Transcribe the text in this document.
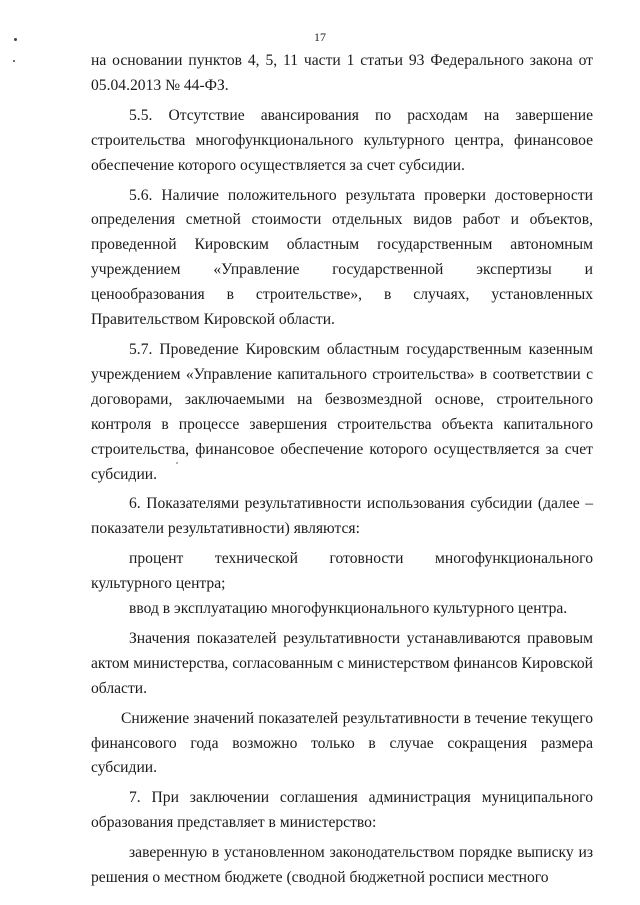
17

на основании пунктов 4, 5, 11 части 1 статьи 93 Федерального закона от 05.04.2013 № 44-ФЗ.

5.5. Отсутствие авансирования по расходам на завершение строительства многофункционального культурного центра, финансовое обеспечение которого осуществляется за счет субсидии.

5.6. Наличие положительного результата проверки достоверности определения сметной стоимости отдельных видов работ и объектов, проведенной Кировским областным государственным автономным учреждением «Управление государственной экспертизы и ценообразования в строительстве», в случаях, установленных Правительством Кировской области.

5.7. Проведение Кировским областным государственным казенным учреждением «Управление капитального строительства» в соответствии с договорами, заключаемыми на безвозмездной основе, строительного контроля в процессе завершения строительства объекта капитального строительства, финансовое обеспечение которого осуществляется за счет субсидии.

6. Показателями результативности использования субсидии (далее – показатели результативности) являются:

процент технической готовности многофункционального культурного центра;

ввод в эксплуатацию многофункционального культурного центра.

Значения показателей результативности устанавливаются правовым актом министерства, согласованным с министерством финансов Кировской области.

Снижение значений показателей результативности в течение текущего финансового года возможно только в случае сокращения размера субсидии.

7. При заключении соглашения администрация муниципального образования представляет в министерство:

заверенную в установленном законодательством порядке выписку из решения о местном бюджете (сводной бюджетной росписи местного
